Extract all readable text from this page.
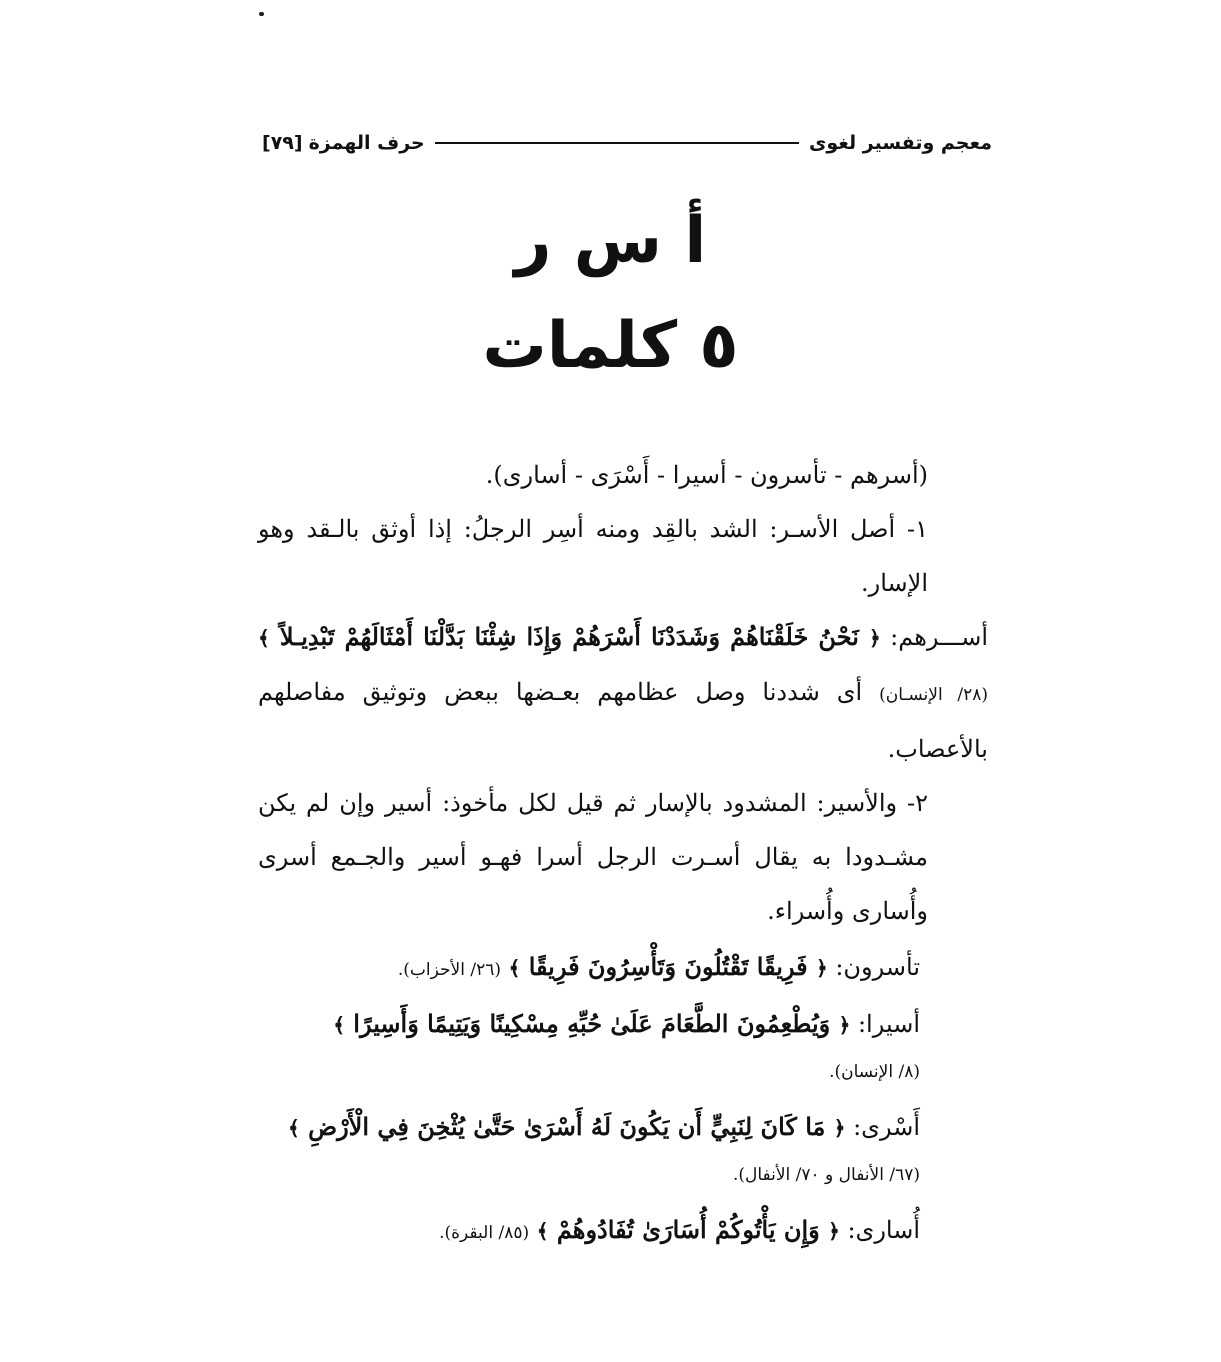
معجم وتفسير لغوى
حرف الهمزة
[٧٩]
أ س ر
٥ كلمات

(أسرهم - تأسرون - أسيرا - أَسْرَى - أسارى).

١- أصل الأسـر: الشد بالقِد ومنه أسِر الرجلُ: إذا أوثق بالـقد وهو الإسار.

أســـرهم: ﴿ نَحْنُ خَلَقْنَاهُمْ وَشَدَدْنَا أَسْرَهُمْ وَإِذَا شِئْنَا بَدَّلْنَا أَمْثَالَهُمْ تَبْدِيـلاً ﴾ (٢٨/ الإنسـان) أى شددنا وصل عظامهم بعـضها ببعض وتوثيق مفاصلهم بالأعصاب.

٢- والأسير: المشدود بالإسار ثم قيل لكل مأخوذ: أسير وإن لم يكن مشـدودا به يقال أسـرت الرجل أسرا فهـو أسير والجـمع أسرى وأُسارى وأُسراء.

تأسرون: ﴿ فَرِيقًا تَقْتُلُونَ وَتَأْسِرُونَ فَرِيقًا ﴾ (٢٦/ الأحزاب).
أسيرا: ﴿ وَيُطْعِمُونَ الطَّعَامَ عَلَىٰ حُبِّهِ مِسْكِينًا وَيَتِيمًا وَأَسِيرًا ﴾
(٨/ الإنسان).
أَسْرى: ﴿ مَا كَانَ لِنَبِيٍّ أَن يَكُونَ لَهُ أَسْرَىٰ حَتَّىٰ يُثْخِنَ فِي الْأَرْضِ ﴾
(٦٧/ الأنفال و ٧٠/ الأنفال).
أُسارى: ﴿ وَإِن يَأْتُوكُمْ أُسَارَىٰ تُفَادُوهُمْ ﴾ (٨٥/ البقرة).
